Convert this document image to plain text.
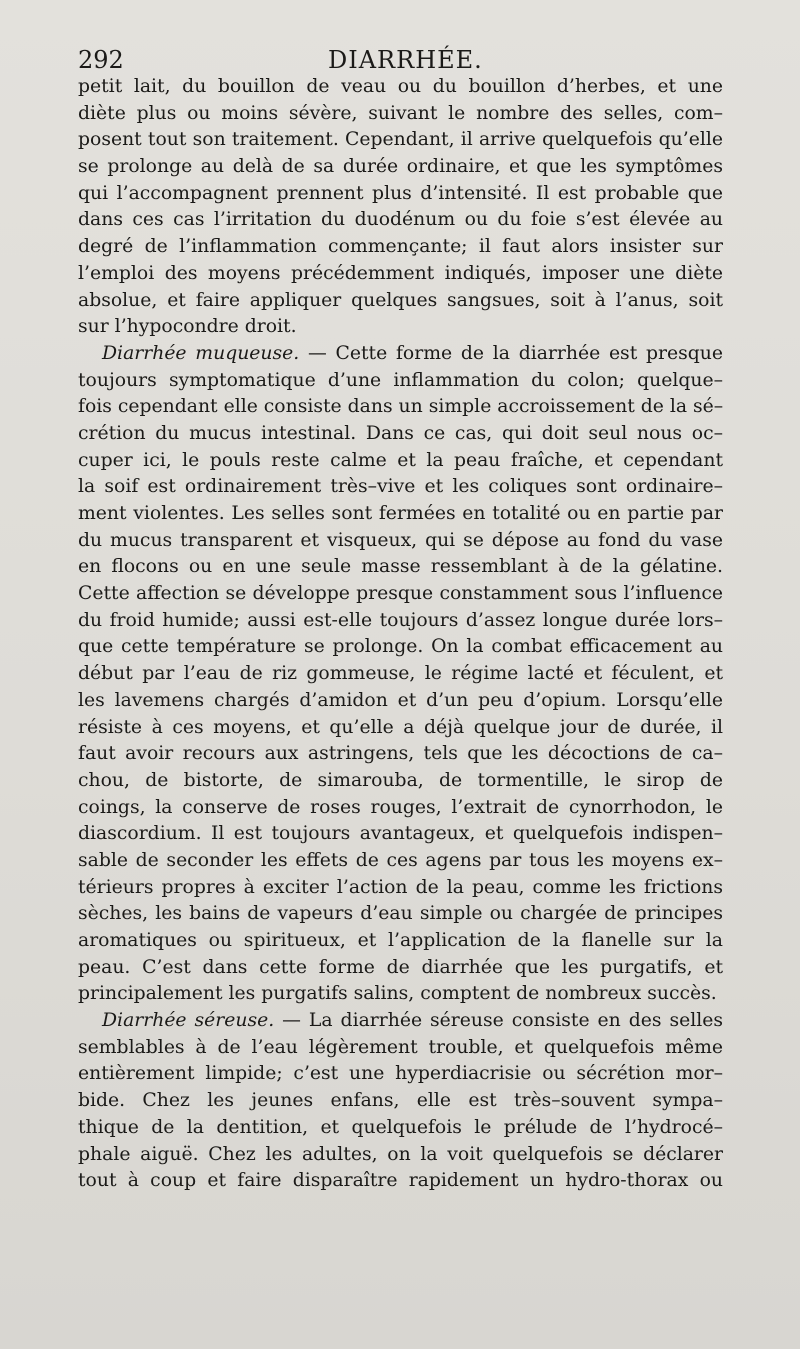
292	DIARRHÉE.
petit lait, du bouillon de veau ou du bouillon d’herbes, et une
diète plus ou moins sévère, suivant le nombre des selles, com–
posent tout son traitement. Cependant, il arrive quelquefois qu’elle
se prolonge au delà de sa durée ordinaire, et que les symptômes
qui l’accompagnent prennent plus d’intensité. Il est probable que
dans ces cas l’irritation du duodénum ou du foie s’est élevée au
degré de l’inflammation commençante; il faut alors insister sur
l’emploi des moyens précédemment indiqués, imposer une diète
absolue, et faire appliquer quelques sangsues, soit à l’anus, soit
sur l’hypocondre droit.
Diarrhée muqueuse. — Cette forme de la diarrhée est presque
toujours symptomatique d’une inflammation du colon; quelque–
fois cependant elle consiste dans un simple accroissement de la sé–
crétion du mucus intestinal. Dans ce cas, qui doit seul nous oc–
cuper ici, le pouls reste calme et la peau fraîche, et cependant
la soif est ordinairement très–vive et les coliques sont ordinaire–
ment violentes. Les selles sont fermées en totalité ou en partie par
du mucus transparent et visqueux, qui se dépose au fond du vase
en flocons ou en une seule masse ressemblant à de la gélatine.
Cette affection se développe presque constamment sous l’influence
du froid humide; aussi est-elle toujours d’assez longue durée lors–
que cette température se prolonge. On la combat efficacement au
début par l’eau de riz gommeuse, le régime lacté et féculent, et
les lavemens chargés d’amidon et d’un peu d’opium. Lorsqu’elle
résiste à ces moyens, et qu’elle a déjà quelque jour de durée, il
faut avoir recours aux astringens, tels que les décoctions de ca–
chou, de bistorte, de simarouba, de tormentille, le sirop de
coings, la conserve de roses rouges, l’extrait de cynorrhodon, le
diascordium. Il est toujours avantageux, et quelquefois indispen–
sable de seconder les effets de ces agens par tous les moyens ex–
térieurs propres à exciter l’action de la peau, comme les frictions
sèches, les bains de vapeurs d’eau simple ou chargée de principes
aromatiques ou spiritueux, et l’application de la flanelle sur la
peau. C’est dans cette forme de diarrhée que les purgatifs, et
principalement les purgatifs salins, comptent de nombreux succès.
Diarrhée séreuse. — La diarrhée séreuse consiste en des selles
semblables à de l’eau légèrement trouble, et quelquefois même
entièrement limpide; c’est une hyperdiacrisie ou sécrétion mor–
bide. Chez les jeunes enfans, elle est très–souvent sympa–
thique de la dentition, et quelquefois le prélude de l’hydrocé–
phale aiguë. Chez les adultes, on la voit quelquefois se déclarer
tout à coup et faire disparaître rapidement un hydro-thorax ou
